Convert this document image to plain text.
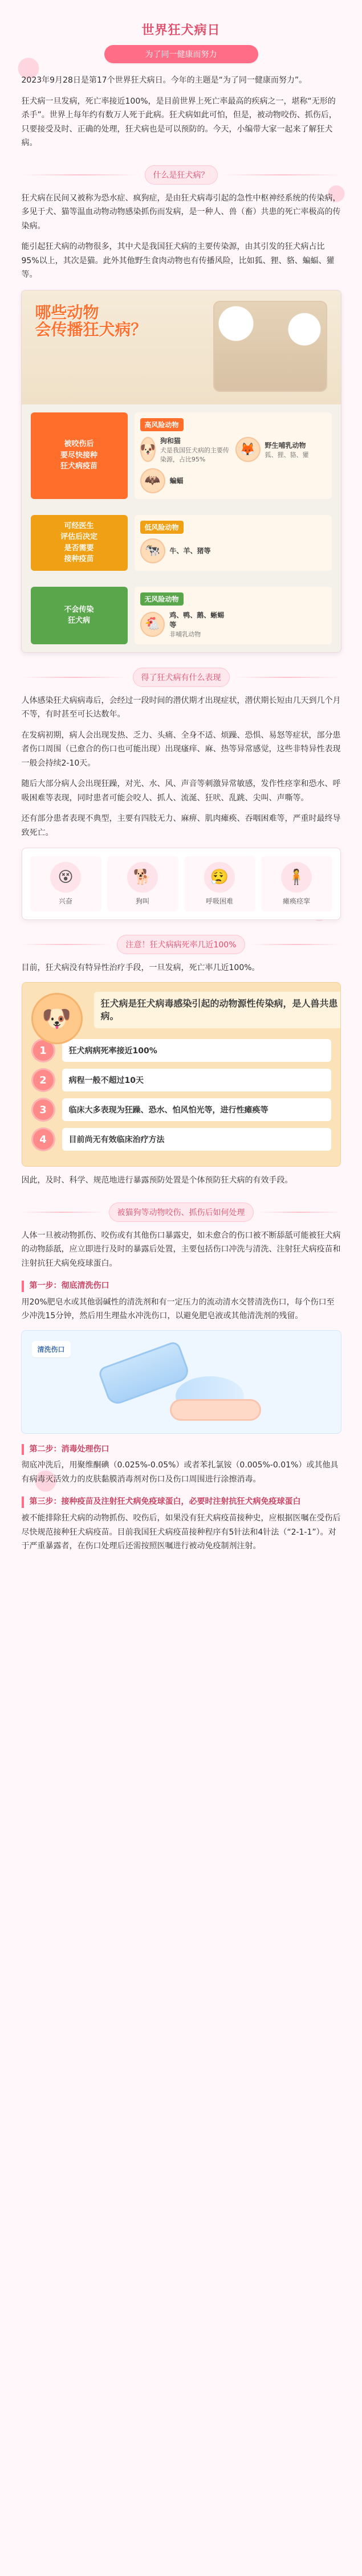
世界狂犬病日
为了同一健康而努力
2023年9月28日是第17个世界狂犬病日。今年的主题是“为了同一健康而努力”。
狂犬病一旦发病，死亡率接近100%，是目前世界上死亡率最高的疾病之一，堪称“无形的杀手”。世界上每年约有数万人死于此病。狂犬病如此可怕，但是，被动物咬伤、抓伤后，只要接受及时、正确的处理，狂犬病也是可以预防的。今天，小编带大家一起来了解狂犬病。
什么是狂犬病？
狂犬病在民间又被称为恐水症、疯狗症，是由狂犬病毒引起的急性中枢神经系统的传染病，多见于犬、猫等温血动物动物感染抓伤而发病，是一种人、兽（畜）共患的死亡率极高的传染病。
能引起狂犬病的动物很多，其中犬是我国狂犬病的主要传染源，由其引发的狂犬病占比95%以上，其次是猫。此外其他野生食肉动物也有传播风险，比如狐、狸、貉、蝙蝠、獾等。
哪些动物
会传播狂犬病？
被咬伤后
要尽快接种
狂犬病疫苗
高风险动物
🐶
狗和猫
犬是我国狂犬病的主要传染源，占比95%
🦊	野生哺乳动物
狐、狸、貉、獾
🦇	蝙蝠
可经医生
评估后决定
是否需要
接种疫苗
低风险动物
🐄	牛、羊、猪等
不会传染
狂犬病
无风险动物
🐔
鸡、鸭、鹅、蜥蜴等
非哺乳动物
得了狂犬病有什么表现
人体感染狂犬病病毒后，会经过一段时间的潜伏期才出现症状，潜伏期长短由几天到几个月不等，有时甚至可长达数年。
在发病初期，病人会出现发热、乏力、头痛、全身不适、烦躁、恐惧、易怒等症状，部分患者伤口周围（已愈合的伤口也可能出现）出现瘙痒、麻、热等异常感觉，这些非特异性表现一般会持续2-10天。
随后大部分病人会出现狂躁，对光、水、风、声音等刺激异常敏感，发作性痉挛和恐水、呼吸困难等表现，同时患者可能会咬人、抓人、流涎、狂吠、乱跳、尖叫、声嘶等。
还有部分患者表现不典型，主要有四肢无力、麻痹、肌肉瘫痪、吞咽困难等，严重时最终导致死亡。
😵
兴奋
🐕
狗叫
😮‍💨
呼吸困难
🧍
瘫痪痉挛
注意！狂犬病病死率几近100%
目前，狂犬病没有特异性治疗手段，一旦发病，死亡率几近100%。
🐶
狂犬病是狂犬病毒感染引起的动物源性传染病，是人兽共患病。
1	狂犬病病死率接近100%
2	病程一般不超过10天
3	临床大多表现为狂躁、恐水、怕风怕光等，进行性瘫痪等
4	目前尚无有效临床治疗方法
因此，及时、科学、规范地进行暴露预防处置是个体预防狂犬病的有效手段。
被猫狗等动物咬伤、抓伤后如何处理
人体一旦被动物抓伤、咬伤或有其他伤口暴露史，如未愈合的伤口被不断舔舐可能被狂犬病的动物舔舐，应立即进行及时的暴露后处置，主要包括伤口冲洗与清洗、注射狂犬病疫苗和注射抗狂犬病免疫球蛋白。
第一步：彻底清洗伤口
用20%肥皂水或其他弱碱性的清洗剂和有一定压力的流动清水交替清洗伤口，每个伤口至少冲洗15分钟，然后用生理盐水冲洗伤口，以避免肥皂液或其他清洗剂的残留。
清洗伤口
第二步：消毒处理伤口
彻底冲洗后，用聚维酮碘（0.025%-0.05%）或者苯扎氯铵（0.005%-0.01%）或其他具有病毒灭活效力的皮肤黏膜消毒剂对伤口及伤口周围进行涂擦消毒。
第三步：接种疫苗及注射狂犬病免疫球蛋白，必要时注射抗狂犬病免疫球蛋白
被不能排除狂犬病的动物抓伤、咬伤后，如果没有狂犬病疫苗接种史，应根据医嘱在受伤后尽快规范接种狂犬病疫苗。目前我国狂犬病疫苗接种程序有5针法和4针法（“2-1-1”）。对于严重暴露者，在伤口处理后还需按照医嘱进行被动免疫制剂注射。
